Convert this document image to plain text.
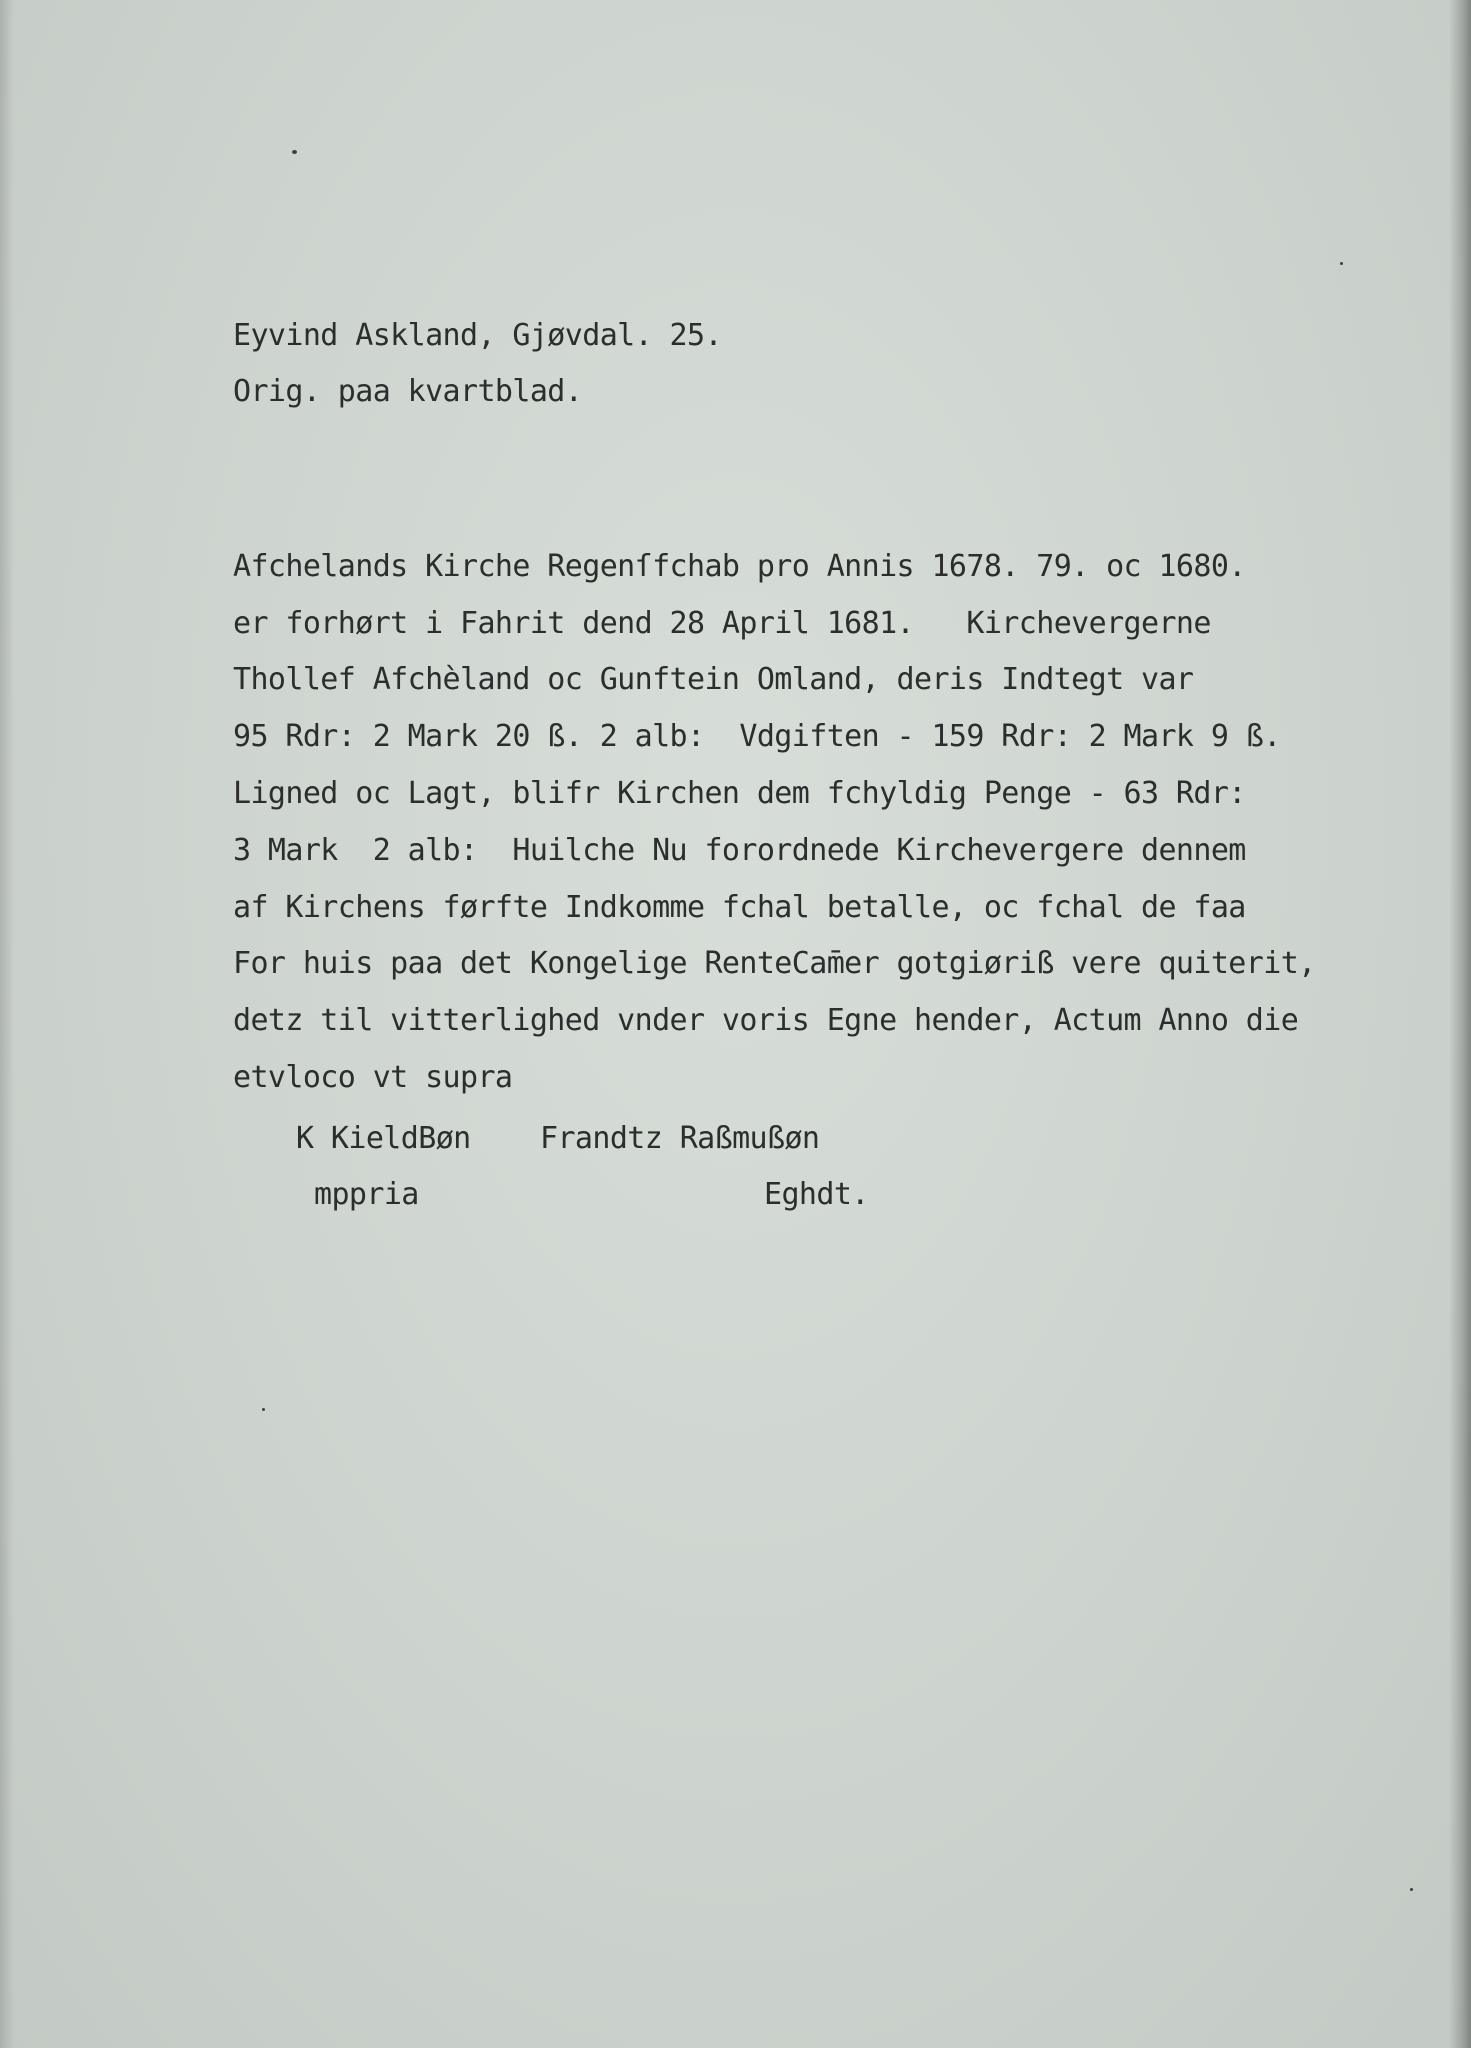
Eyvind Askland, Gjøvdal. 25.

Orig. paa kvartblad.

Afchelands Kirche Regenſfchab pro Annis 1678. 79. oc 1680.

er forhørt i Fahrit dend 28 April 1681.   Kirchevergerne

Thollef Afchèland oc Gunftein Omland, deris Indtegt var

95 Rdr: 2 Mark 20 ß. 2 alb:  Vdgiften - 159 Rdr: 2 Mark 9 ß.

Ligned oc Lagt, blifr Kirchen dem fchyldig Penge - 63 Rdr:

3 Mark  2 alb:  Huilche Nu forordnede Kirchevergere dennem

af Kirchens førfte Indkomme fchal betalle, oc fchal de faa

For huis paa det Kongelige RenteCam̄er gotgiøriß vere quiterit,

detz til vitterlighed vnder voris Egne hender, Actum Anno die

etvloco vt supra

K KieldBøn Frandtz Raßmußøn

mppria	Eghdt.
